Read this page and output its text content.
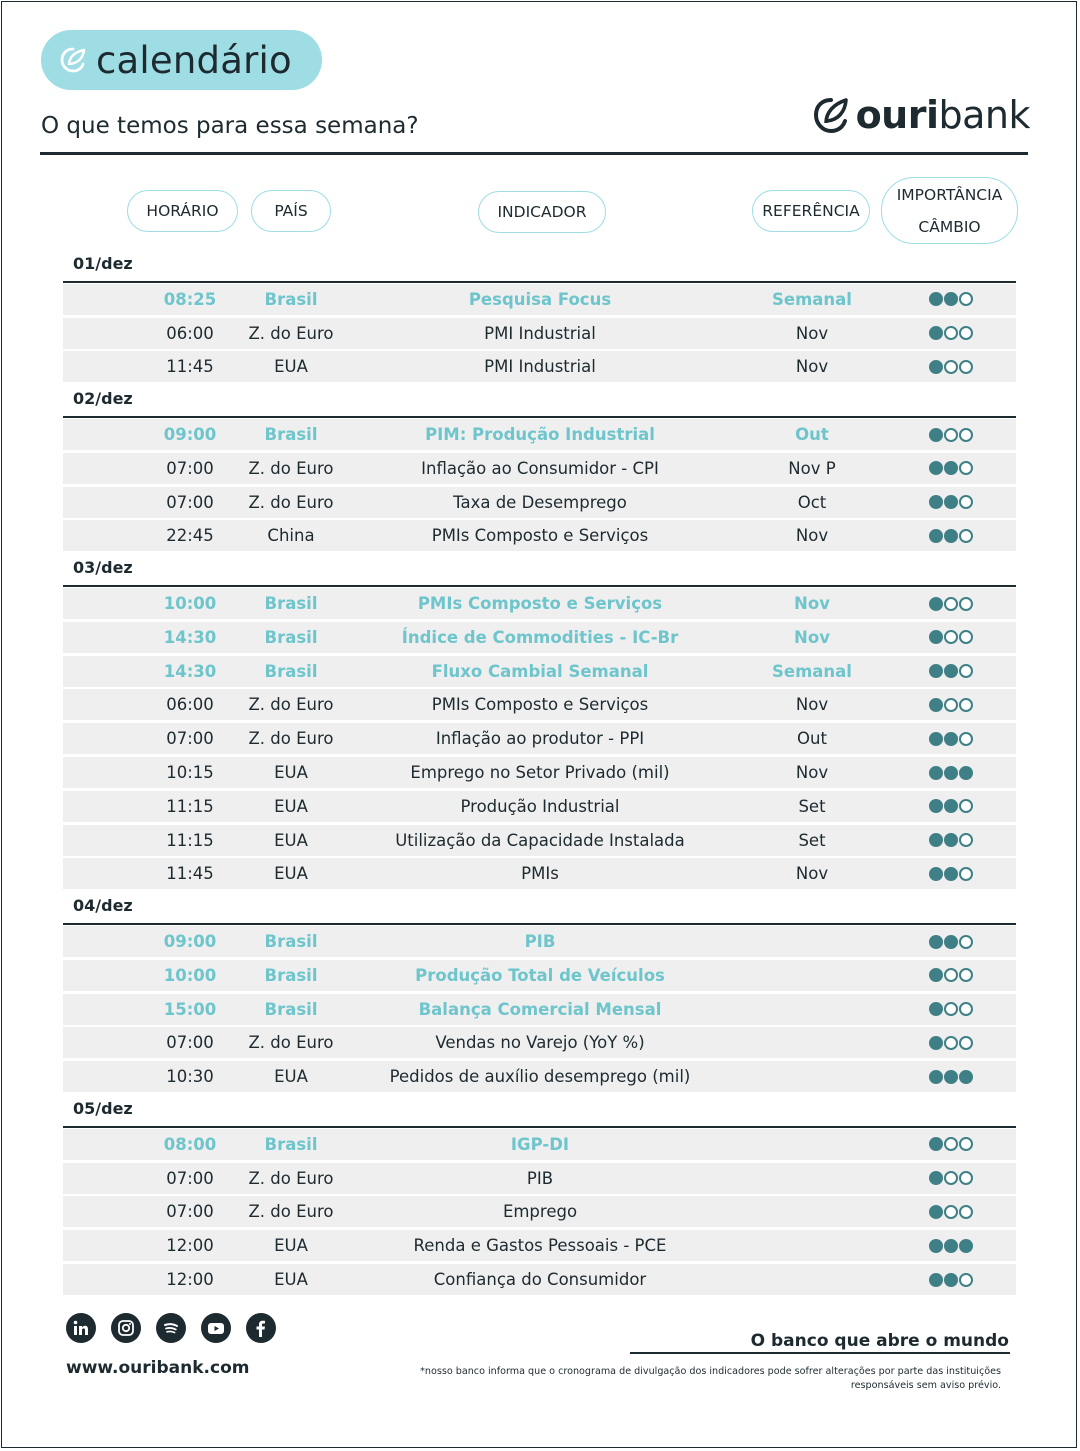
calendário
O que temos para essa semana?	ouribank
HORÁRIO	PAÍS	INDICADOR	REFERÊNCIA
IMPORTÂNCIA
CÂMBIO
01/dez
08:25	Brasil	Pesquisa Focus	Semanal
06:00	Z. do Euro	PMI Industrial	Nov
11:45	EUA	PMI Industrial	Nov
02/dez
09:00	Brasil	PIM: Produção Industrial	Out
07:00	Z. do Euro	Inflação ao Consumidor - CPI	Nov P
07:00	Z. do Euro	Taxa de Desemprego	Oct
22:45	China	PMIs Composto e Serviços	Nov
03/dez
10:00	Brasil	PMIs Composto e Serviços	Nov
14:30	Brasil	Índice de Commodities - IC-Br	Nov
14:30	Brasil	Fluxo Cambial Semanal	Semanal
06:00	Z. do Euro	PMIs Composto e Serviços	Nov
07:00	Z. do Euro	Inflação ao produtor - PPI	Out
10:15	EUA	Emprego no Setor Privado (mil)	Nov
11:15	EUA	Produção Industrial	Set
11:15	EUA	Utilização da Capacidade Instalada	Set
11:45	EUA	PMIs	Nov
04/dez
09:00	Brasil	PIB
10:00	Brasil	Produção Total de Veículos
15:00	Brasil	Balança Comercial Mensal
07:00	Z. do Euro	Vendas no Varejo (YoY %)
10:30	EUA	Pedidos de auxílio desemprego (mil)
05/dez
08:00	Brasil	IGP-DI
07:00	Z. do Euro	PIB
07:00	Z. do Euro	Emprego
12:00	EUA	Renda e Gastos Pessoais - PCE
12:00	EUA	Confiança do Consumidor
www.ouribank.com
O banco que abre o mundo
*nosso banco informa que o cronograma de divulgação dos indicadores pode sofrer alterações por parte das instituições responsáveis sem aviso prévio.
